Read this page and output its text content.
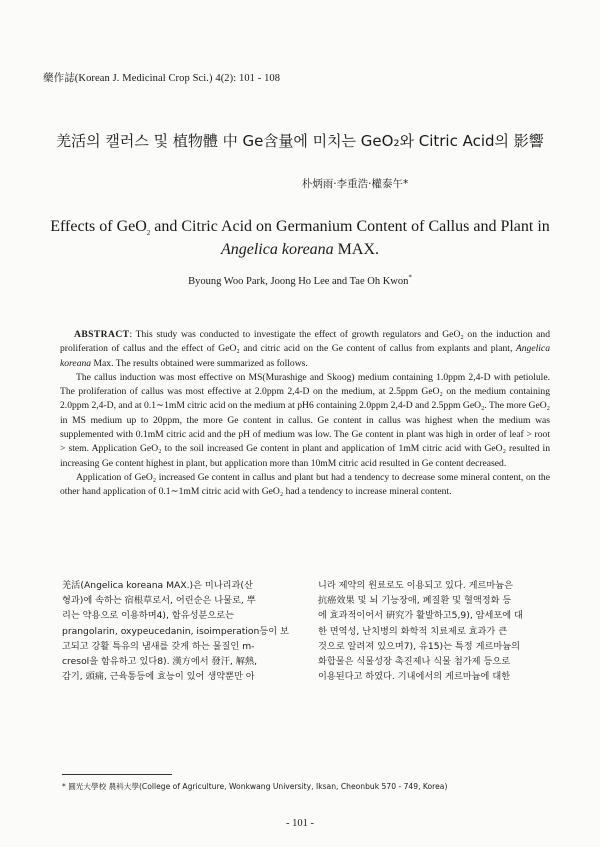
藥作誌(Korean J. Medicinal Crop Sci.) 4(2): 101 - 108
羌活의 캘러스 및 植物體 中 Ge含量에 미치는 GeO₂와 Citric Acid의 影響
朴炳雨·李重浩·權泰午*
Effects of GeO$_2$ and Citric Acid on Germanium Content of Callus and Plant in
Angelica koreana MAX.
Byoung Woo Park, Joong Ho Lee and Tae Oh Kwon*

ABSTRACT: This study was conducted to investigate the effect of growth regulators and GeO₂ on the induction and proliferation of callus and the effect of GeO₂ and citric acid on the Ge content of callus from explants and plant, Angelica koreana Max. The results obtained were summarized as follows.

The callus induction was most effective on MS(Murashige and Skoog) medium containing 1.0ppm 2,4-D with petiolule. The proliferation of callus was most effective at 2.0ppm 2,4-D on the medium, at 2.5ppm GeO₂ on the medium containing 2.0ppm 2,4-D, and at 0.1∼1mM citric acid on the medium at pH6 containing 2.0ppm 2,4-D and 2.5ppm GeO₂. The more GeO₂ in MS medium up to 20ppm, the more Ge content in callus. Ge content in callus was highest when the medium was supplemented with 0.1mM citric acid and the pH of medium was low. The Ge content in plant was high in order of leaf > root > stem. Application GeO₂ to the soil increased Ge content in plant and application of 1mM citric acid with GeO₂ resulted in increasing Ge content highest in plant, but application more than 10mM citric acid resulted in Ge content decreased.

Application of GeO₂ increased Ge content in callus and plant but had a tendency to decrease some mineral content, on the other hand application of 0.1∼1mM citric acid with GeO₂ had a tendency to increase mineral content.

羌活(Angelica koreana MAX.)은 미나리과(산
형과)에 속하는 宿根草로서, 어린순은 나물로, 뿌
리는 약용으로 이용하며4), 함유성분으로는
prangolarin, oxypeucedanin, isoimperation등이 보
고되고 강활 특유의 냄새를 갖게 하는 물질인 m-
cresol을 함유하고 있다8). 漢方에서 發汗, 解熱,
감기, 頭痛, 근육통등에 효능이 있어 생약뿐만 아
니라 제약의 원료로도 이용되고 있다. 게르마늄은
抗癌效果 및 뇌 기능장애, 폐질환 및 혈액정화 등
에 효과적이어서 硏究가 활발하고5,9), 암세포에 대
한 면역성, 난치병의 화학적 치료제로 효과가 큰
것으로 알려져 있으며7), 유15)는 특정 게르마늄의
화합물은 식물성장 촉진제나 식물 첨가제 등으로
이용된다고 하였다. 기내에서의 게르마늄에 대한
* 圓光大學校 農科大學(College of Agriculture, Wonkwang University, Iksan, Cheonbuk 570 - 749, Korea)
- 101 -
